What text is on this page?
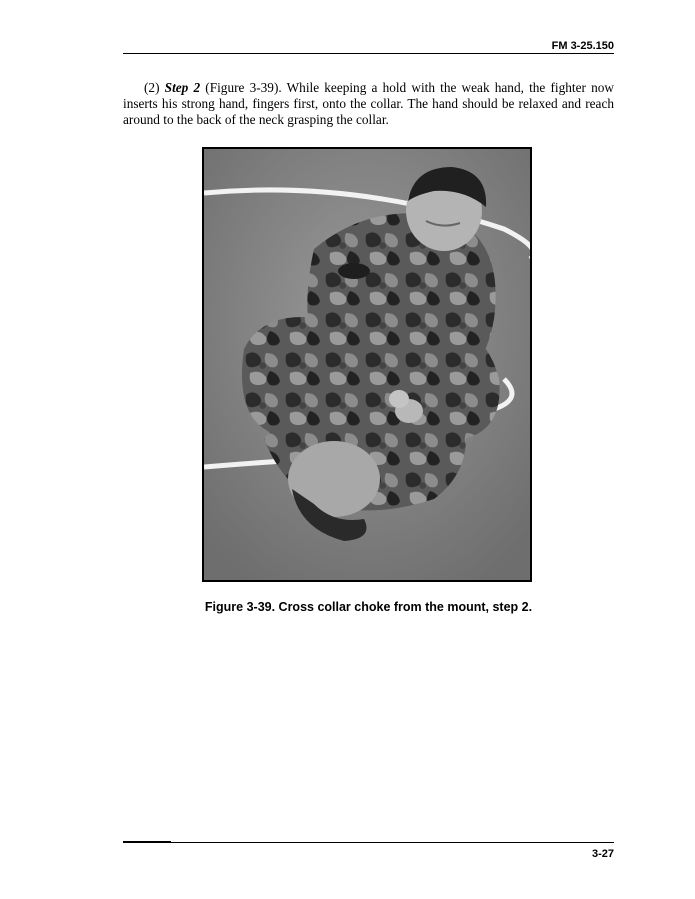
FM 3-25.150

(2) Step 2 (Figure 3-39). While keeping a hold with the weak hand, the fighter now inserts his strong hand, fingers first, onto the collar. The hand should be relaxed and reach around to the back of the neck grasping the collar.

Figure 3-39. Cross collar choke from the mount, step 2.
3-27
